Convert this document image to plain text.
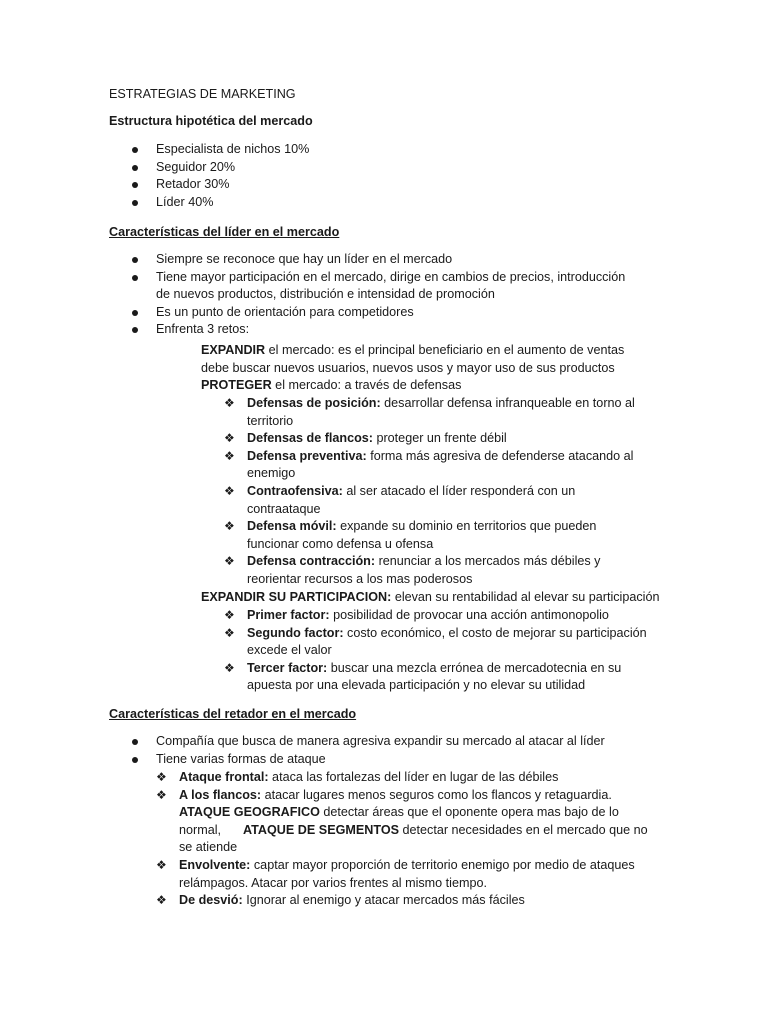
ESTRATEGIAS DE MARKETING
Estructura hipotética del mercado
Especialista de nichos 10%
Seguidor 20%
Retador 30%
Líder 40%
Características del líder en el mercado
Siempre se reconoce que hay un líder en el mercado
Tiene mayor participación en el mercado, dirige en cambios de precios, introducción
de nuevos productos, distribución e intensidad de promoción
Es un punto de orientación para competidores
Enfrenta 3 retos:
EXPANDIR el mercado: es el principal beneficiario en el aumento de ventas
debe buscar nuevos usuarios, nuevos usos y mayor uso de sus productos
PROTEGER el mercado: a través de defensas
❖ Defensas de posición: desarrollar defensa infranqueable en torno al
territorio
❖ Defensas de flancos: proteger un frente débil
❖ Defensa preventiva: forma más agresiva de defenderse atacando al
enemigo
❖ Contraofensiva: al ser atacado el líder responderá con un
contraataque
❖ Defensa móvil: expande su dominio en territorios que pueden
funcionar como defensa u ofensa
❖ Defensa contracción: renunciar a los mercados más débiles y
reorientar recursos a los mas poderosos
EXPANDIR SU PARTICIPACION: elevan su rentabilidad al elevar su participación
❖ Primer factor: posibilidad de provocar una acción antimonopolio
❖ Segundo factor: costo económico, el costo de mejorar su participación
excede el valor
❖ Tercer factor: buscar una mezcla errónea de mercadotecnia en su
apuesta por una elevada participación y no elevar su utilidad
Características del retador en el mercado
Compañía que busca de manera agresiva expandir su mercado al atacar al líder
Tiene varias formas de ataque
❖ Ataque frontal: ataca las fortalezas del líder en lugar de las débiles
❖ A los flancos: atacar lugares menos seguros como los flancos y retaguardia.
ATAQUE GEOGRAFICO detectar áreas que el oponente opera mas bajo de lo
normal, ATAQUE DE SEGMENTOS detectar necesidades en el mercado que no
se atiende
❖ Envolvente: captar mayor proporción de territorio enemigo por medio de ataques
relámpagos. Atacar por varios frentes al mismo tiempo.
❖ De desvió: Ignorar al enemigo y atacar mercados más fáciles
